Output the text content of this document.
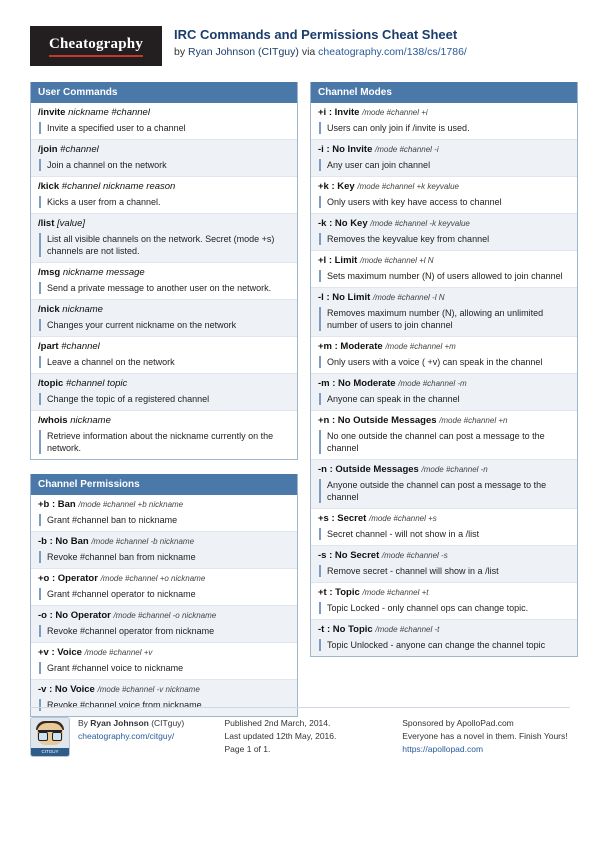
Cheatography
IRC Commands and Permissions Cheat Sheet
by Ryan Johnson (CITguy) via cheatography.com/138/cs/1786/
User Commands
/invite nickname #channel
Invite a specified user to a channel
/join #channel
Join a channel on the network
/kick #channel nickname reason
Kicks a user from a channel.
/list [value]
List all visible channels on the network. Secret (mode +s) channels are not listed.
/msg nickname message
Send a private message to another user on the network.
/nick nickname
Changes your current nickname on the network
/part #channel
Leave a channel on the network
/topic #channel topic
Change the topic of a registered channel
/whois nickname
Retrieve information about the nickname currently on the network.
Channel Permissions
+b : Ban /mode #channel +b nickname
Grant #channel ban to nickname
-b : No Ban /mode #channel -b nickname
Revoke #channel ban from nickname
+o : Operator /mode #channel +o nickname
Grant #channel operator to nickname
-o : No Operator /mode #channel -o nickname
Revoke #channel operator from nickname
+v : Voice /mode #channel +v
Grant #channel voice to nickname
-v : No Voice /mode #channel -v nickname
Revoke #channel voice from nickname
Channel Modes
+i : Invite /mode #channel +i
Users can only join if /invite is used.
-i : No Invite /mode #channel -i
Any user can join channel
+k : Key /mode #channel +k keyvalue
Only users with key have access to channel
-k : No Key /mode #channel -k keyvalue
Removes the keyvalue key from channel
+l : Limit /mode #channel +l N
Sets maximum number (N) of users allowed to join channel
-l : No Limit /mode #channel -l N
Removes maximum number (N), allowing an unlimited number of users to join channel
+m : Moderate /mode #channel +m
Only users with a voice ( +v) can speak in the channel
-m : No Moderate /mode #channel -m
Anyone can speak in the channel
+n : No Outside Messages /mode #channel +n
No one outside the channel can post a message to the channel
-n : Outside Messages /mode #channel -n
Anyone outside the channel can post a message to the channel
+s : Secret /mode #channel +s
Secret channel - will not show in a /list
-s : No Secret /mode #channel -s
Remove secret - channel will show in a /list
+t : Topic /mode #channel +t
Topic Locked - only channel ops can change topic.
-t : No Topic /mode #channel -t
Topic Unlocked - anyone can change the channel topic
CITGUY
By Ryan Johnson (CITguy)
cheatography.com/citguy/
Published 2nd March, 2014.
Last updated 12th May, 2016.
Page 1 of 1.
Sponsored by ApolloPad.com
Everyone has a novel in them. Finish Yours!
https://apollopad.com
